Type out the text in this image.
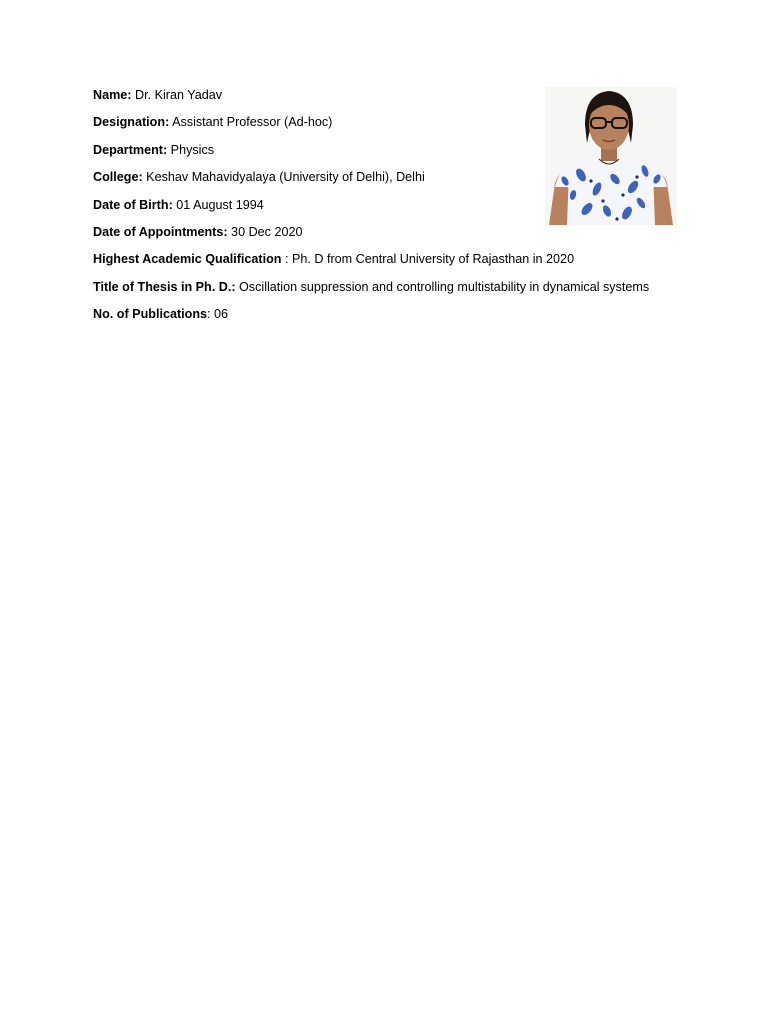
Name: Dr. Kiran Yadav
Designation: Assistant Professor (Ad-hoc)
Department: Physics
College: Keshav Mahavidyalaya (University of Delhi), Delhi
Date of Birth: 01 August 1994
Date of Appointments: 30 Dec 2020
Highest Academic Qualification : Ph. D from Central University of Rajasthan in 2020
Title of Thesis in Ph. D.: Oscillation suppression and controlling multistability in dynamical systems
No. of Publications: 06
